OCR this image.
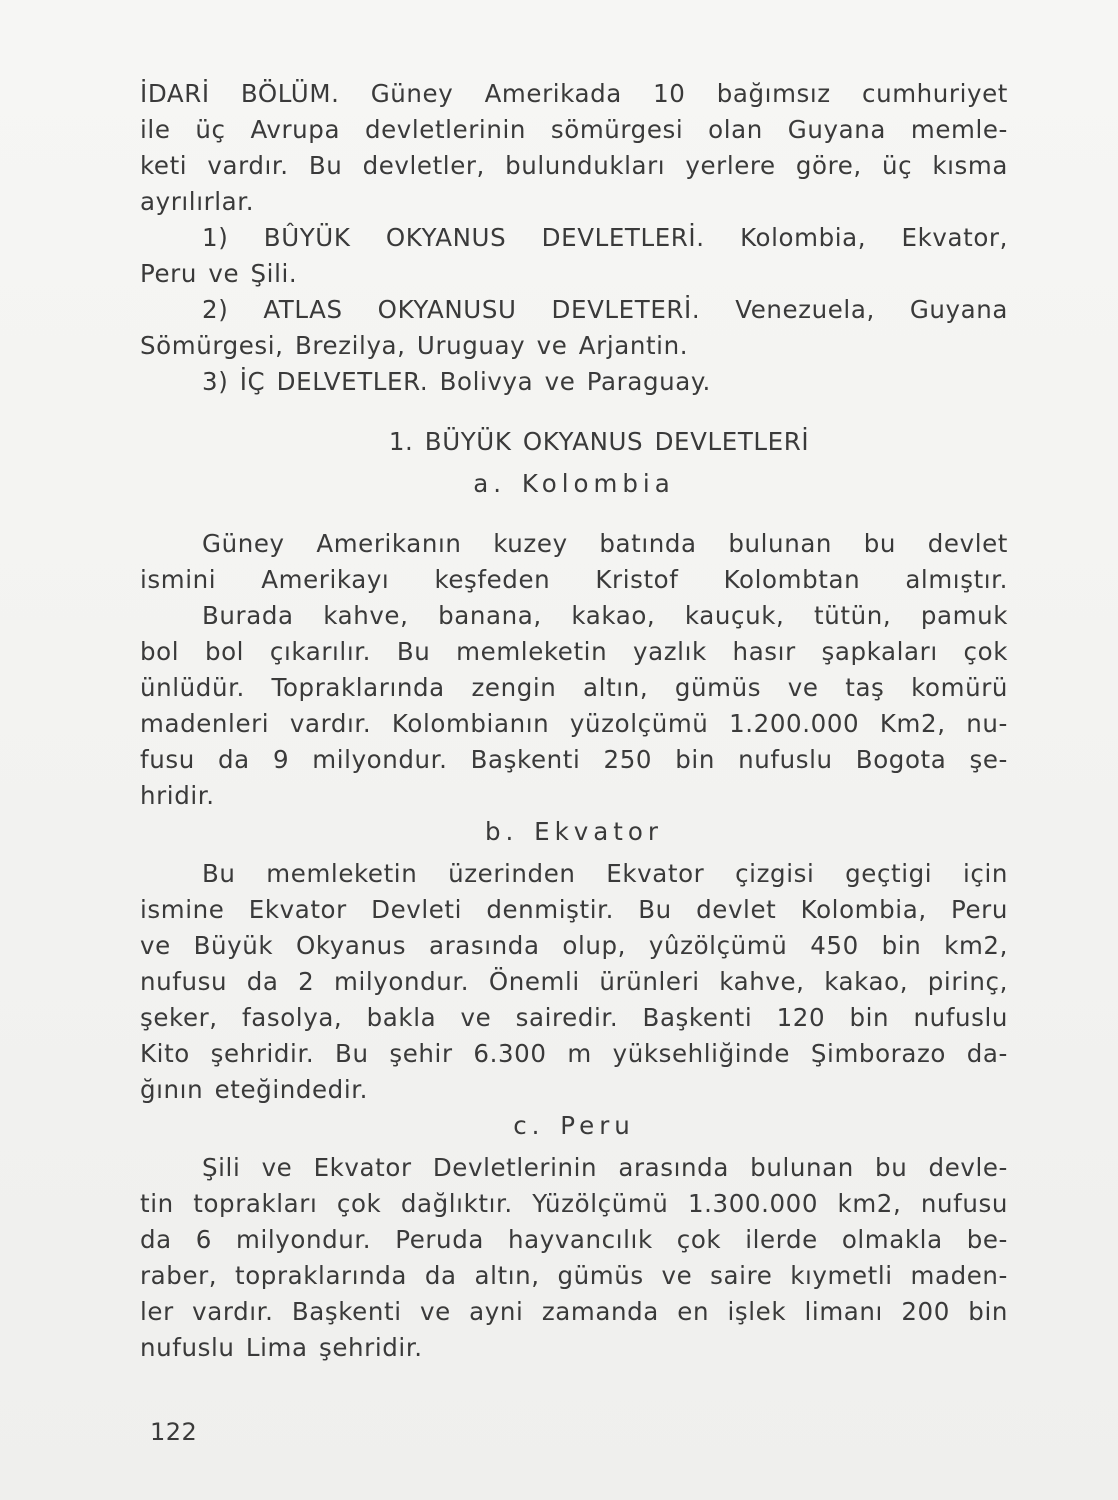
İDARİ BÖLÜM. Güney Amerikada 10 bağımsız cumhuriyet
ile üç Avrupa devletlerinin sömürgesi olan Guyana memle-
keti vardır. Bu devletler, bulundukları yerlere göre, üç kısma
ayrılırlar.
1) BÛYÜK OKYANUS DEVLETLERİ. Kolombia, Ekvator,
Peru ve Şili.
2) ATLAS OKYANUSU DEVLETERİ. Venezuela, Guyana
Sömürgesi, Brezilya, Uruguay ve Arjantin.
3) İÇ DELVETLER. Bolivya ve Paraguay.
1. BÜYÜK OKYANUS DEVLETLERİ
a. Kolombia
Güney Amerikanın kuzey batında bulunan bu devlet
ismini Amerikayı keşfeden Kristof Kolombtan almıştır.
Burada kahve, banana, kakao, kauçuk, tütün, pamuk
bol bol çıkarılır. Bu memleketin yazlık hasır şapkaları çok
ünlüdür. Topraklarında zengin altın, gümüs ve taş komürü
madenleri vardır. Kolombianın yüzolçümü 1.200.000 Km2, nu-
fusu da 9 milyondur. Başkenti 250 bin nufuslu Bogota şe-
hridir.
b. Ekvator
Bu memleketin üzerinden Ekvator çizgisi geçtigi için
ismine Ekvator Devleti denmiştir. Bu devlet Kolombia, Peru
ve Büyük Okyanus arasında olup, yûzölçümü 450 bin km2,
nufusu da 2 milyondur. Önemli ürünleri kahve, kakao, pirinç,
şeker, fasolya, bakla ve sairedir. Başkenti 120 bin nufuslu
Kito şehridir. Bu şehir 6.300 m yüksehliğinde Şimborazo da-
ğının eteğindedir.
c. Peru
Şili ve Ekvator Devletlerinin arasında bulunan bu devle-
tin toprakları çok dağlıktır. Yüzölçümü 1.300.000 km2, nufusu
da 6 milyondur. Peruda hayvancılık çok ilerde olmakla be-
raber, topraklarında da altın, gümüs ve saire kıymetli maden-
ler vardır. Başkenti ve ayni zamanda en işlek limanı 200 bin
nufuslu Lima şehridir.
122
